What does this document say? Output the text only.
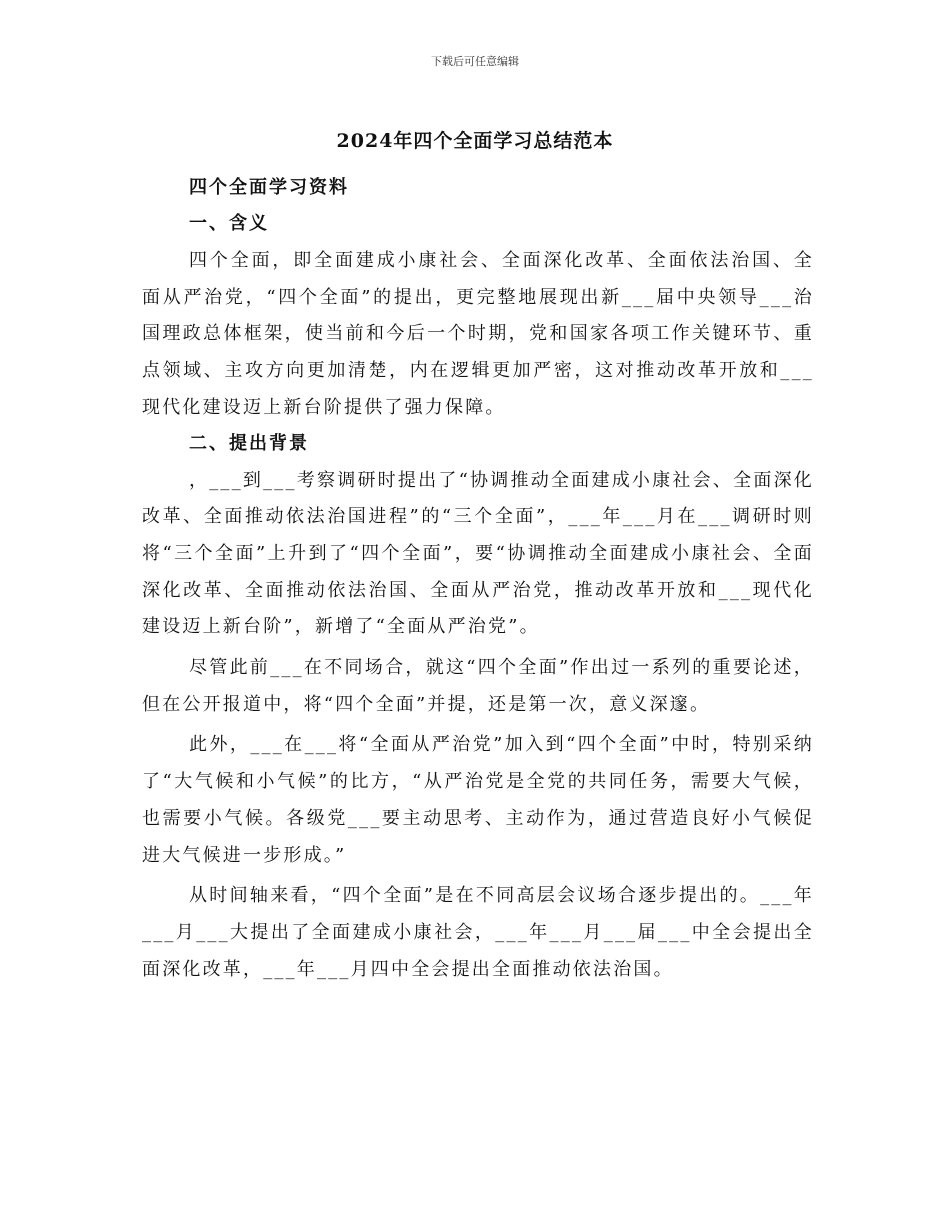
下载后可任意编辑
2024年四个全面学习总结范本
四个全面学习资料
一、含义

四个全面，即全面建成小康社会、全面深化改革、全面依法治国、全面从严治党，“四个全面”的提出，更完整地展现出新___届中央领导___治国理政总体框架，使当前和今后一个时期，党和国家各项工作关键环节、重点领域、主攻方向更加清楚，内在逻辑更加严密，这对推动改革开放和___现代化建设迈上新台阶提供了强力保障。

二、提出背景

，___到___考察调研时提出了“协调推动全面建成小康社会、全面深化改革、全面推动依法治国进程”的“三个全面”，___年___月在___调研时则将“三个全面”上升到了“四个全面”，要“协调推动全面建成小康社会、全面深化改革、全面推动依法治国、全面从严治党，推动改革开放和___现代化建设迈上新台阶”，新增了“全面从严治党”。

尽管此前___在不同场合，就这“四个全面”作出过一系列的重要论述，但在公开报道中，将“四个全面”并提，还是第一次，意义深邃。

此外，___在___将“全面从严治党”加入到“四个全面”中时，特别采纳了“大气候和小气候”的比方，“从严治党是全党的共同任务，需要大气候，也需要小气候。各级党___要主动思考、主动作为，通过营造良好小气候促进大气候进一步形成。”

从时间轴来看，“四个全面”是在不同高层会议场合逐步提出的。___年___月___大提出了全面建成小康社会，___年___月___届___中全会提出全面深化改革，___年___月四中全会提出全面推动依法治国。
